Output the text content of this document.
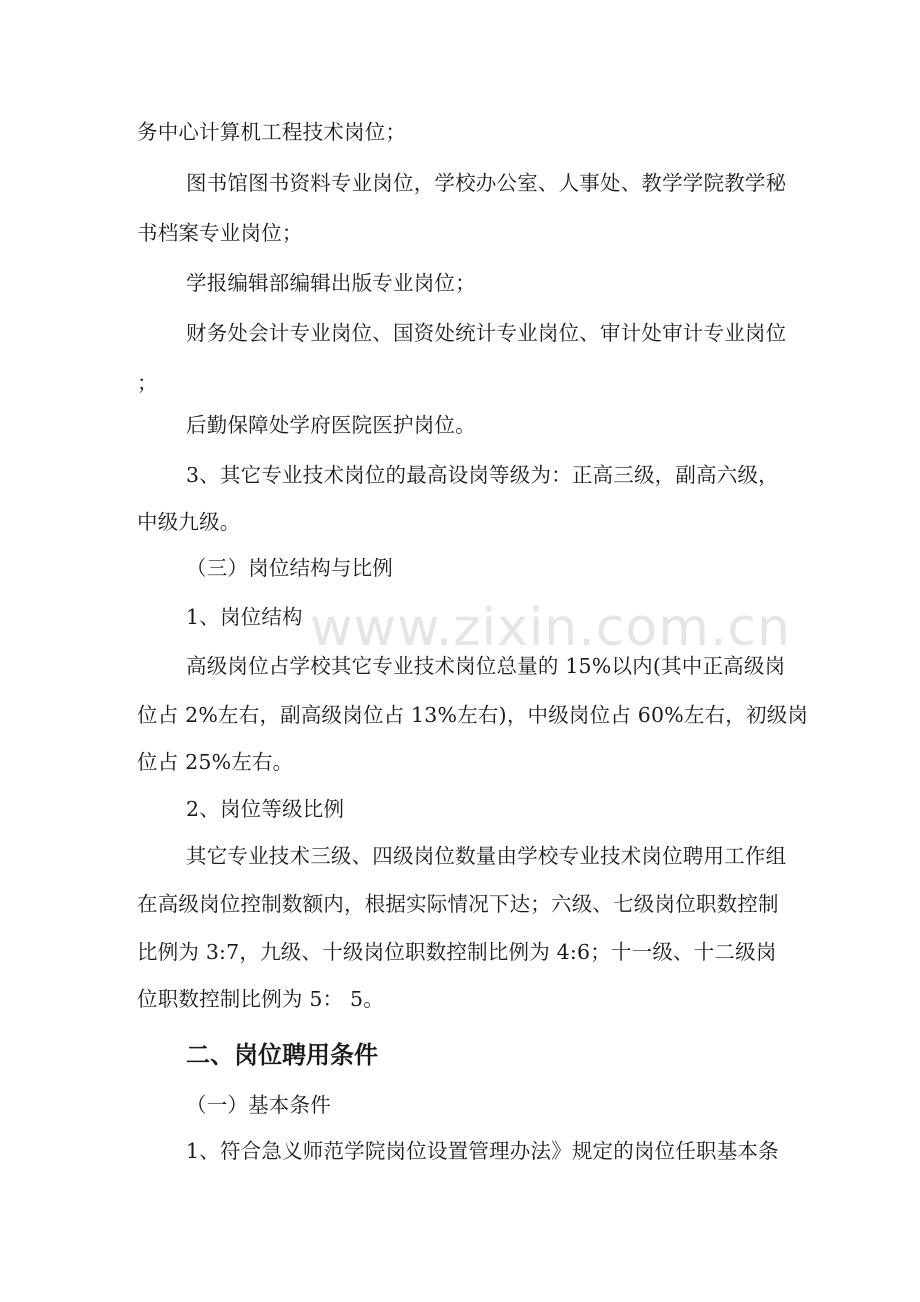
务中心计算机工程技术岗位；
图书馆图书资料专业岗位，学校办公室、人事处、教学学院教学秘
书档案专业岗位；
学报编辑部编辑出版专业岗位；
财务处会计专业岗位、国资处统计专业岗位、审计处审计专业岗位
；
后勤保障处学府医院医护岗位。
3、其它专业技术岗位的最高设岗等级为：正高三级，副高六级，
中级九级。
（三）岗位结构与比例
1、岗位结构
高级岗位占学校其它专业技术岗位总量的 15%以内(其中正高级岗
位占 2%左右，副高级岗位占 13%左右)，中级岗位占 60%左右，初级岗
位占 25%左右。
2、岗位等级比例
其它专业技术三级、四级岗位数量由学校专业技术岗位聘用工作组
在高级岗位控制数额内，根据实际情况下达；六级、七级岗位职数控制
比例为 3:7，九级、十级岗位职数控制比例为 4:6；十一级、十二级岗
位职数控制比例为 5： 5。
二、岗位聘用条件
（一）基本条件
1、符合急义师范学院岗位设置管理办法》规定的岗位任职基本条
www.zixin.com.cn
